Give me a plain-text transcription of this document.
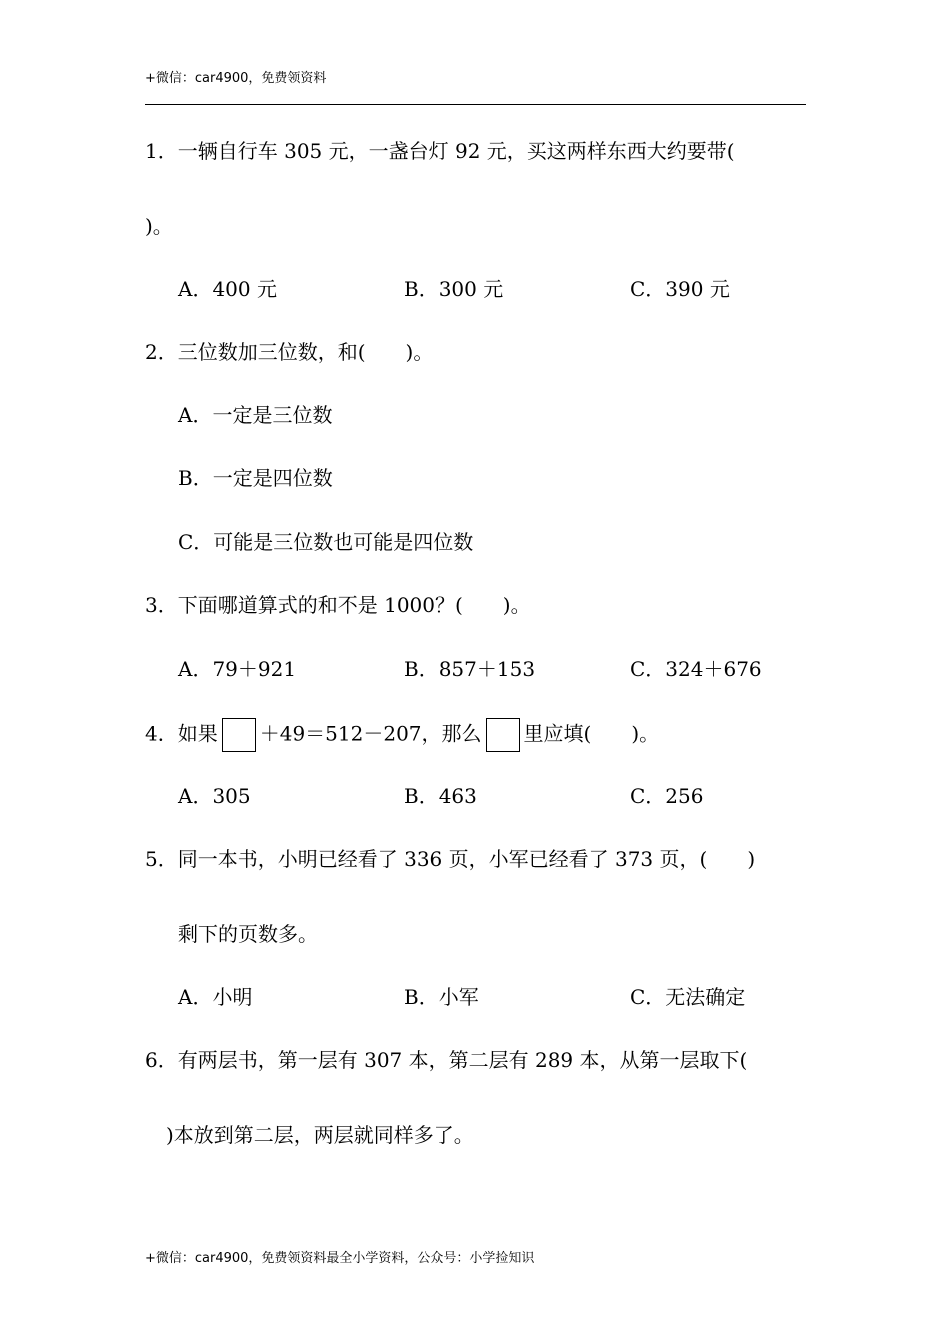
+微信：car4900，免费领资料
1．一辆自行车 305 元，一盏台灯 92 元，买这两样东西大约要带(
)。
A．400 元	B．300 元	C．390 元
2．三位数加三位数，和(　　)。
A．一定是三位数
B．一定是四位数
C．可能是三位数也可能是四位数
3．下面哪道算式的和不是 1000？(　　)。
A．79＋921	B．857＋153	C．324＋676
4．如果 ＋49＝512－207，那么 里应填(　　)。
A．305	B．463	C．256
5．同一本书，小明已经看了 336 页，小军已经看了 373 页，(　　)
剩下的页数多。
A．小明	B．小军	C．无法确定
6．有两层书，第一层有 307 本，第二层有 289 本，从第一层取下(
)本放到第二层，两层就同样多了。
+微信：car4900，免费领资料最全小学资料，公众号：小学捡知识
